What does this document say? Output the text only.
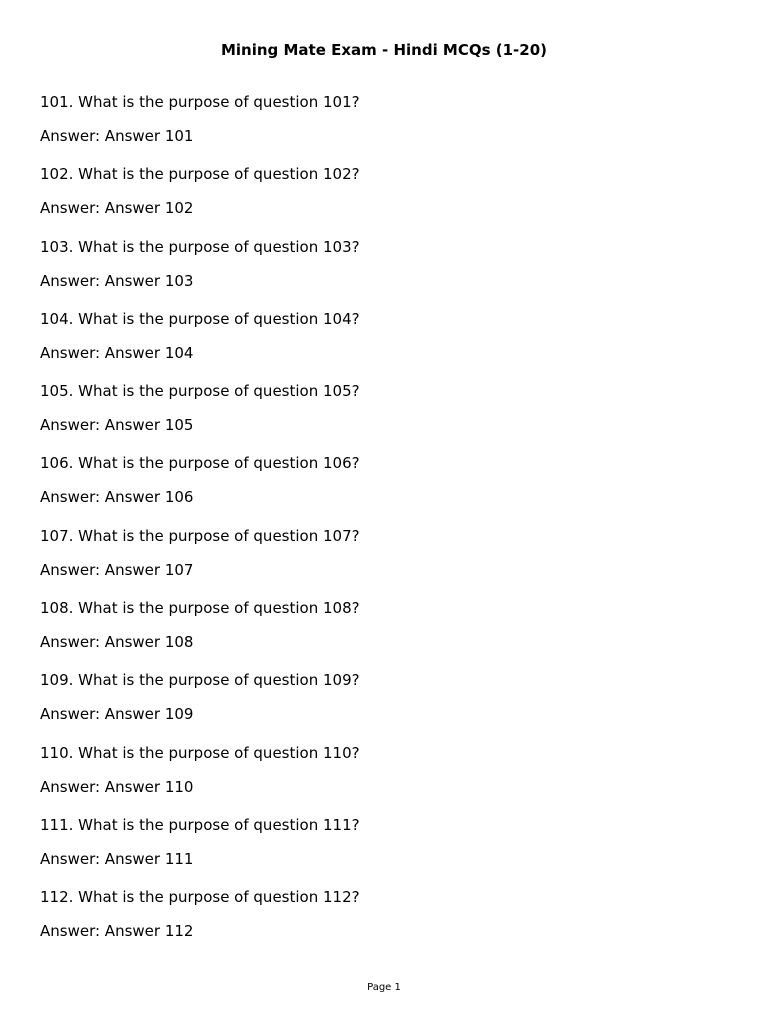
Mining Mate Exam - Hindi MCQs (1-20)

101. What is the purpose of question 101?

Answer: Answer 101

102. What is the purpose of question 102?

Answer: Answer 102

103. What is the purpose of question 103?

Answer: Answer 103

104. What is the purpose of question 104?

Answer: Answer 104

105. What is the purpose of question 105?

Answer: Answer 105

106. What is the purpose of question 106?

Answer: Answer 106

107. What is the purpose of question 107?

Answer: Answer 107

108. What is the purpose of question 108?

Answer: Answer 108

109. What is the purpose of question 109?

Answer: Answer 109

110. What is the purpose of question 110?

Answer: Answer 110

111. What is the purpose of question 111?

Answer: Answer 111

112. What is the purpose of question 112?

Answer: Answer 112

Page 1
